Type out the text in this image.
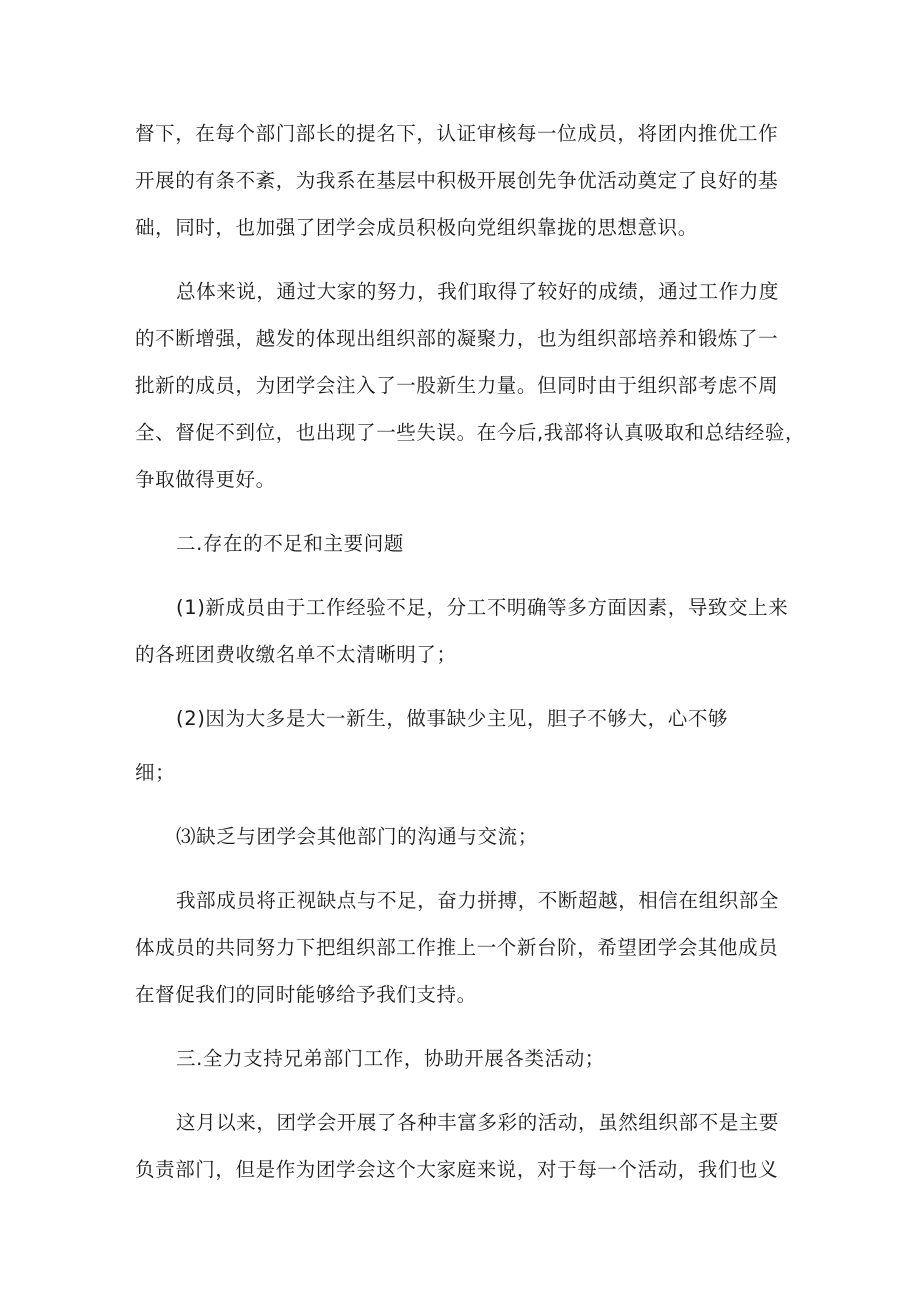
督下，在每个部门部长的提名下，认证审核每一位成员，将团内推优工作
开展的有条不紊，为我系在基层中积极开展创先争优活动奠定了良好的基
础，同时，也加强了团学会成员积极向党组织靠拢的思想意识。
总体来说，通过大家的努力，我们取得了较好的成绩，通过工作力度
的不断增强，越发的体现出组织部的凝聚力，也为组织部培养和锻炼了一
批新的成员，为团学会注入了一股新生力量。但同时由于组织部考虑不周
全、督促不到位，也出现了一些失误。在今后,我部将认真吸取和总结经验，
争取做得更好。
二.存在的不足和主要问题
(1)新成员由于工作经验不足，分工不明确等多方面因素，导致交上来
的各班团费收缴名单不太清晰明了；
(2)因为大多是大一新生，做事缺少主见，胆子不够大，心不够
细；
⑶缺乏与团学会其他部门的沟通与交流；
我部成员将正视缺点与不足，奋力拼搏，不断超越，相信在组织部全
体成员的共同努力下把组织部工作推上一个新台阶，希望团学会其他成员
在督促我们的同时能够给予我们支持。
三.全力支持兄弟部门工作，协助开展各类活动；
这月以来，团学会开展了各种丰富多彩的活动，虽然组织部不是主要
负责部门，但是作为团学会这个大家庭来说，对于每一个活动，我们也义
